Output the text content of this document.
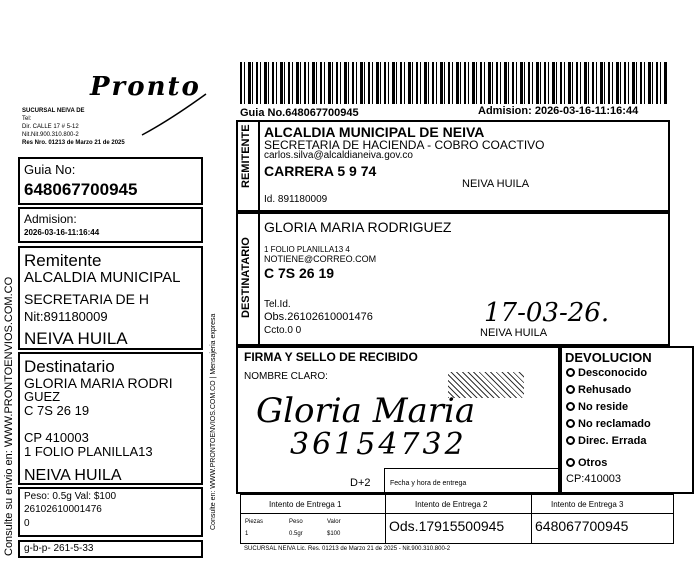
Pronto
SUCURSAL NEIVA DE
Tel:
Dir. CALLE 17 # 5-12
Nit.Nit.900.310.800-2
Res Nro. 01213 de Marzo 21 de 2025
Guia No:
648067700945
Admision:
2026-03-16-11:16:44
Remitente
ALCALDIA MUNICIPAL
SECRETARIA DE H
Nit:891180009
NEIVA HUILA
Destinatario
GLORIA MARIA RODRI
GUEZ
C 7S 26 19
CP 410003
1 FOLIO PLANILLA13
NEIVA HUILA
Peso: 0.5g Val: $100
26102610001476
0
g-b-p- 261-5-33
Consulte su envio en: WWW.PRONTOENVIOS.COM.CO
Guia No.648067700945	Admision: 2026-03-16-11:16:44
Consulte en: WWW.PRONTOENVIOS.COM.CO | Mensajeria expresa
REMITENTE ALCALDIA MUNICIPAL DE NEIVA
SECRETARIA DE HACIENDA - COBRO COACTIVO
carlos.silva@alcaldianeiva.gov.co
CARRERA 5 9 74
NEIVA HUILA
Id. 891180009
DESTINATARIO
GLORIA MARIA RODRIGUEZ
1 FOLIO PLANILLA13 4
NOTIENE@CORREO.COM
C 7S 26 19
Tel.Id.
Obs.26102610001476
Ccto.0 0
17-03-26.
NEIVA HUILA
FIRMA Y SELLO DE RECIBIDO
NOMBRE CLARO:
Gloria Maria
36154732
D+2	Fecha y hora de entrega
DEVOLUCION
Desconocido
Rehusado
No reside
No reclamado
Direc. Errada
Otros
CP:410003
Intento de Entrega 1	Intento de Entrega 2	Intento de Entrega 3
Piezas	Peso	Valor
1	0.5gr	$100	Ods.17915500945 648067700945
SUCURSAL NEIVA Lic. Res. 01213 de Marzo 21 de 2025 - Nit.900.310.800-2
